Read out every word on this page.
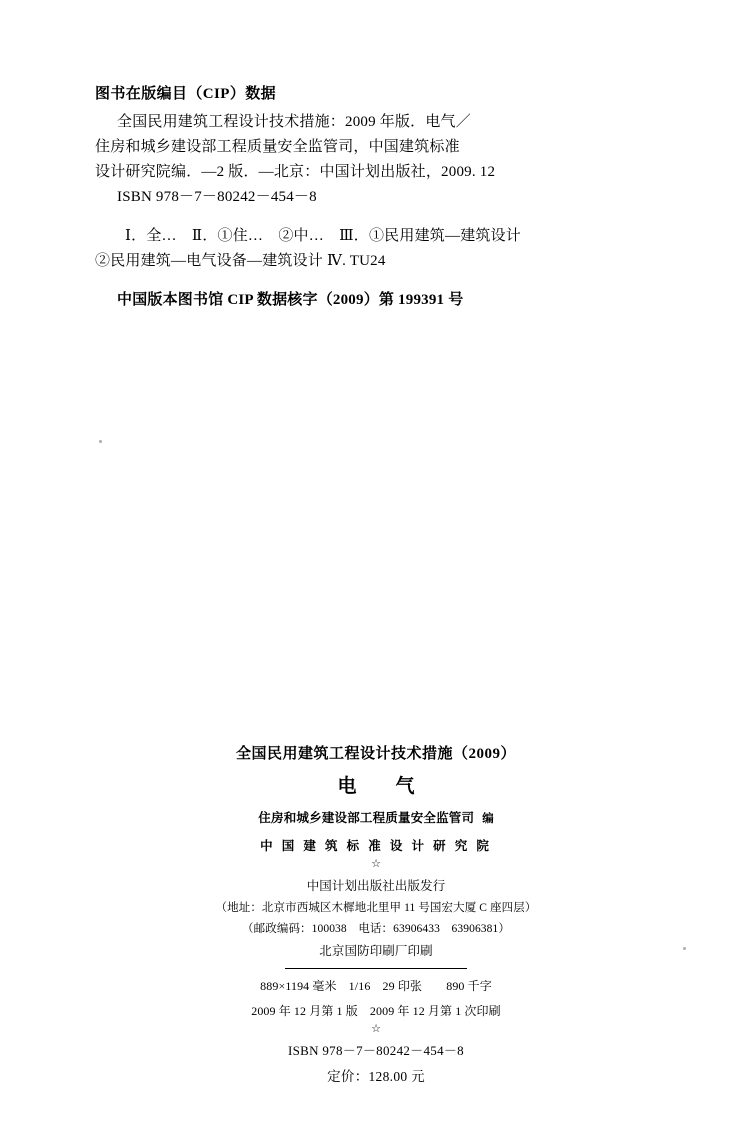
图书在版编目（CIP）数据
全国民用建筑工程设计技术措施：2009 年版．电气／
住房和城乡建设部工程质量安全监管司，中国建筑标准
设计研究院编．—2 版．—北京：中国计划出版社，2009. 12
ISBN 978－7－80242－454－8
Ⅰ．全…　Ⅱ．①住…　②中…　Ⅲ．①民用建筑—建筑设计
②民用建筑—电气设备—建筑设计 Ⅳ. TU24
中国版本图书馆 CIP 数据核字（2009）第 199391 号
全国民用建筑工程设计技术措施（2009）
电　气
住房和城乡建设部工程质量安全监管司 编
中 国 建 筑 标 准 设 计 研 究 院
☆
中国计划出版社出版发行
（地址：北京市西城区木樨地北里甲 11 号国宏大厦 C 座四层）
（邮政编码：100038　电话：63906433　63906381）
北京国防印刷厂印刷
889×1194 毫米　1/16　29 印张　　890 千字
2009 年 12 月第 1 版　2009 年 12 月第 1 次印刷
☆
ISBN 978－7－80242－454－8
定价：128.00 元
